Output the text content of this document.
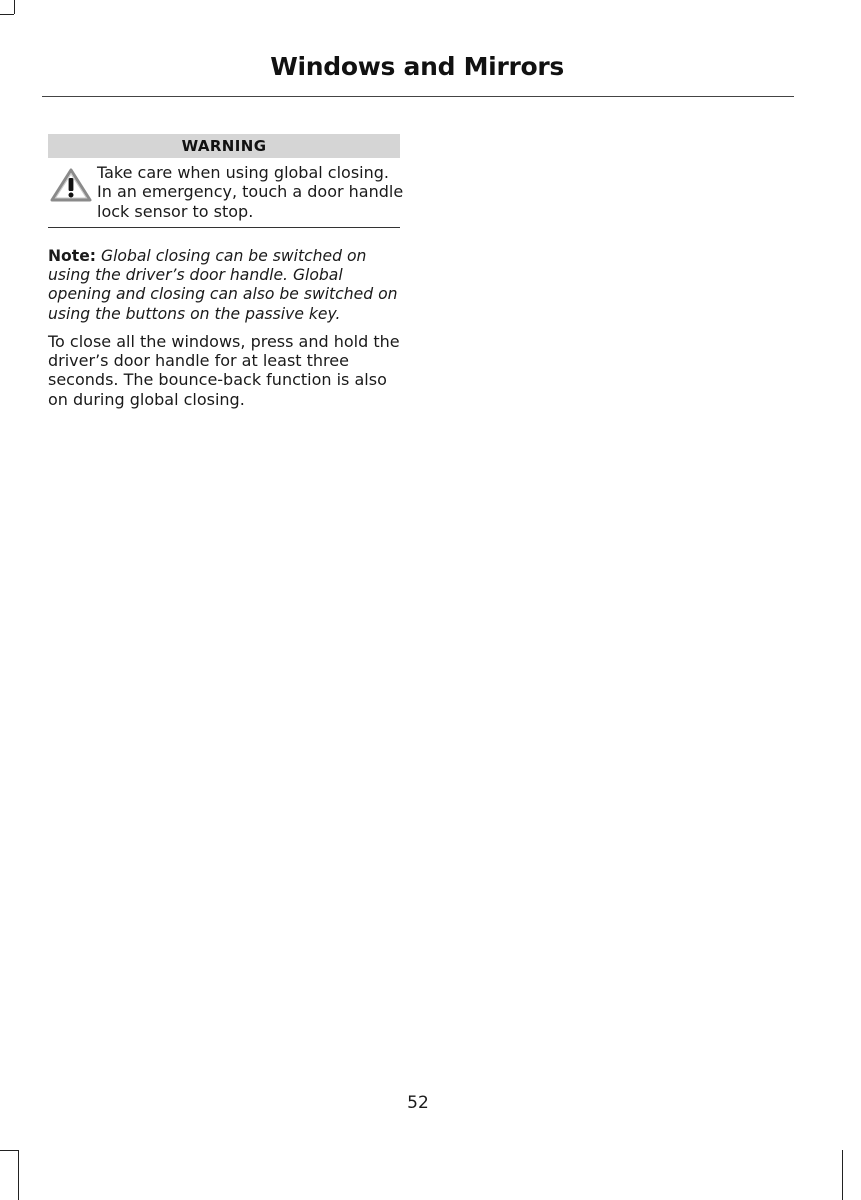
Windows and Mirrors
WARNING
Take care when using global closing. In an emergency, touch a door handle lock sensor to stop.
Note: Global closing can be switched on using the driver’s door handle. Global opening and closing can also be switched on using the buttons on the passive key.
To close all the windows, press and hold the driver’s door handle for at least three seconds. The bounce-back function is also on during global closing.
52
